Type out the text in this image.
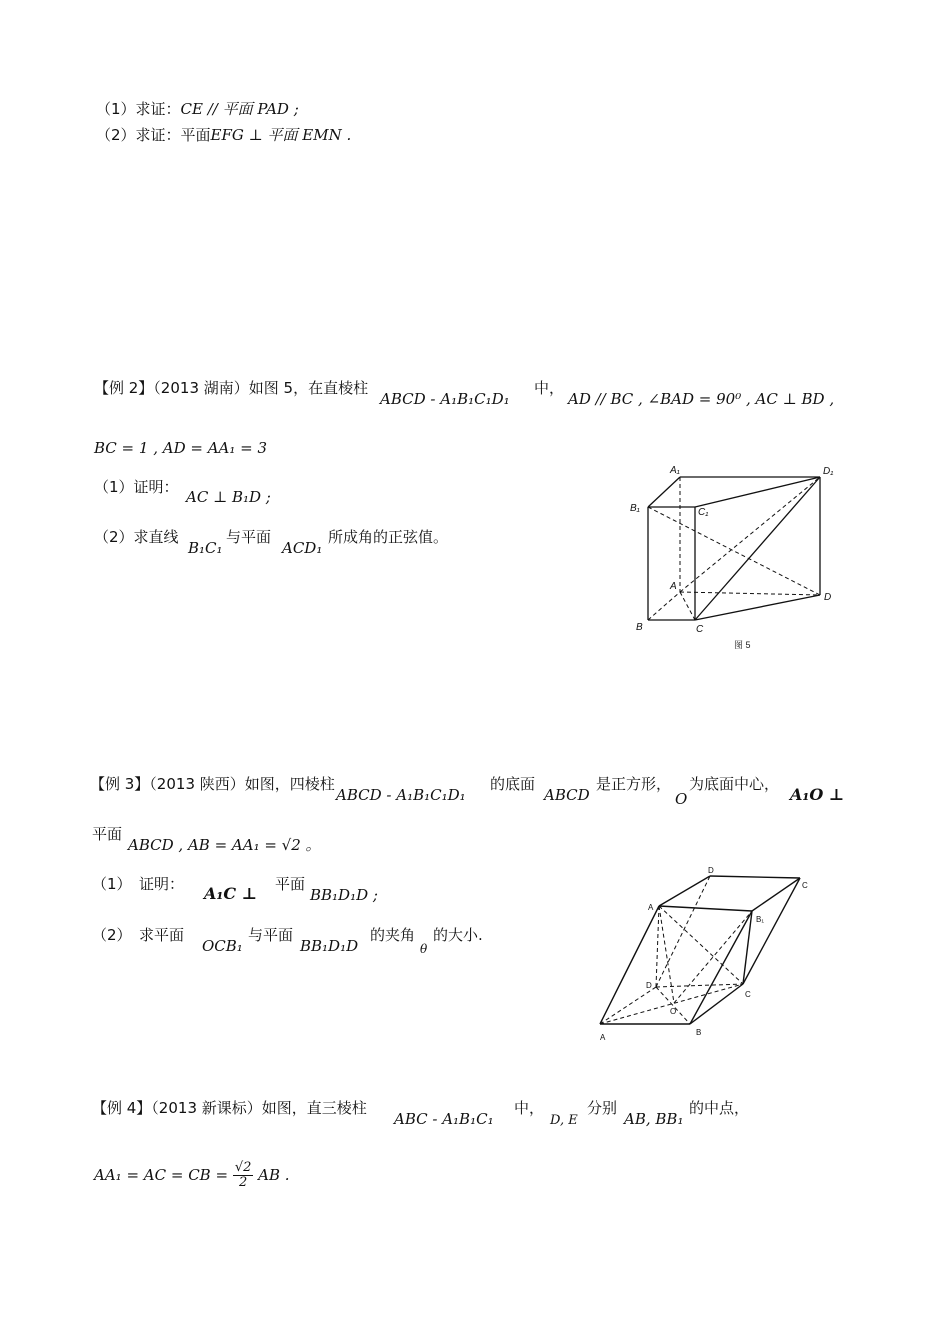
（1）求证：CE // 平面 PAD ;
（2）求证：平面EFG ⊥ 平面 EMN .
【例 2】（2013 湖南）如图 5，在直棱柱
ABCD - A₁B₁C₁D₁
中，
AD // BC , ∠BAD = 90⁰ , AC ⊥ BD ,
BC = 1 , AD = AA₁ = 3
（1）证明：
AC ⊥ B₁D ;
（2）求直线
B₁C₁
与平面
ACD₁
所成角的正弦值。
A₁	D₁
B₁	C₁
A
D
B	C
图 5
【例 3】（2013 陕西）如图，四棱柱
ABCD - A₁B₁C₁D₁
的底面
ABCD
是正方形，
O
为底面中心，
A₁O ⊥
平面
ABCD , AB = AA₁ = √2 。
（1）　证明： A₁C ⊥ 平面
BB₁D₁D ;
（2）　求平面
OCB₁
与平面
BB₁D₁D
的夹角
θ
的大小.
D
C
A
B₁
D
C
O
A
B
【例 4】（2013 新课标）如图，直三棱柱
ABC - A₁B₁C₁
中，
D, E
分别
AB, BB₁
的中点，
AA₁ = AC = CB = $\frac{√2}{2}$ AB .
